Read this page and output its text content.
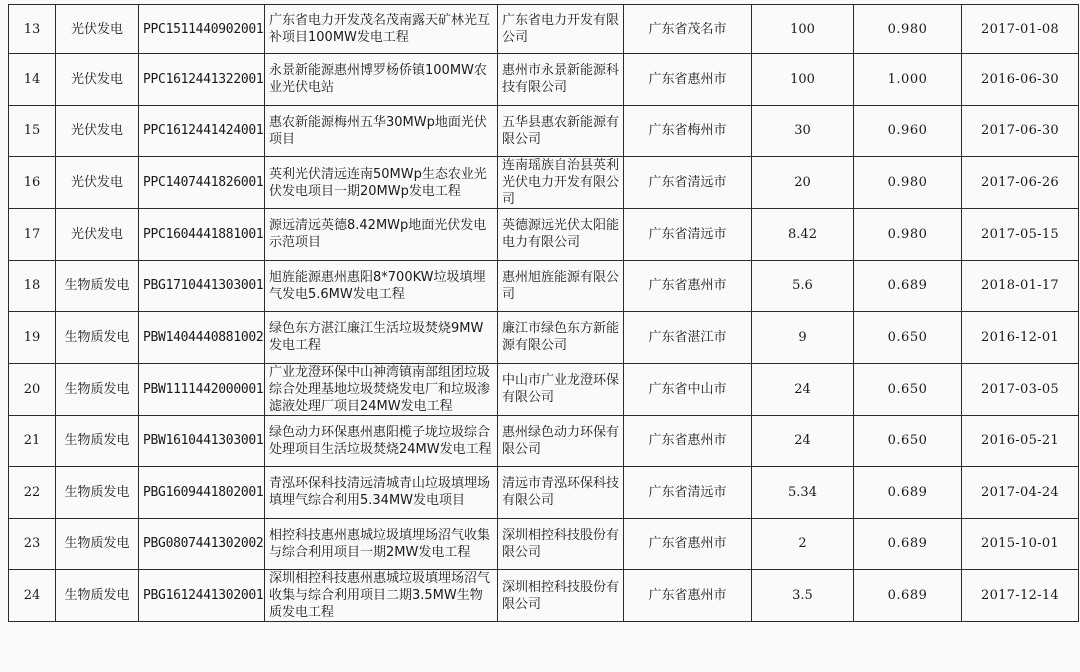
13	光伏发电	PPC1511440902001	广东省电力开发茂名茂南露天矿林光互补项目100MW发电工程	广东省电力开发有限公司	广东省茂名市	100	0.980	2017-01-08
14	光伏发电	PPC1612441322001	永景新能源惠州博罗杨侨镇100MW农业光伏电站	惠州市永景新能源科技有限公司	广东省惠州市	100	1.000	2016-06-30
15	光伏发电	PPC1612441424001	惠农新能源梅州五华30MWp地面光伏项目	五华县惠农新能源有限公司	广东省梅州市	30	0.960	2017-06-30
16	光伏发电	PPC1407441826001	英利光伏清远连南50MWp生态农业光伏发电项目一期20MWp发电工程	连南瑶族自治县英利光伏电力开发有限公司	广东省清远市	20	0.980	2017-06-26
17	光伏发电	PPC1604441881001	源远清远英德8.42MWp地面光伏发电示范项目	英德源远光伏太阳能电力有限公司	广东省清远市	8.42	0.980	2017-05-15
18	生物质发电	PBG1710441303001	旭旌能源惠州惠阳8*700KW垃圾填埋气发电5.6MW发电工程	惠州旭旌能源有限公司	广东省惠州市	5.6	0.689	2018-01-17
19	生物质发电	PBW1404440881002	绿色东方湛江廉江生活垃圾焚烧9MW发电工程	廉江市绿色东方新能源有限公司	广东省湛江市	9	0.650	2016-12-01
20	生物质发电	PBW1111442000001	广业龙澄环保中山神湾镇南部组团垃圾综合处理基地垃圾焚烧发电厂和垃圾渗滤液处理厂项目24MW发电工程	中山市广业龙澄环保有限公司	广东省中山市	24	0.650	2017-03-05
21	生物质发电	PBW1610441303001	绿色动力环保惠州惠阳榄子垅垃圾综合处理项目生活垃圾焚烧24MW发电工程	惠州绿色动力环保有限公司	广东省惠州市	24	0.650	2016-05-21
22	生物质发电	PBG1609441802001	青泓环保科技清远清城青山垃圾填埋场填埋气综合利用5.34MW发电项目	清远市青泓环保科技有限公司	广东省清远市	5.34	0.689	2017-04-24
23	生物质发电	PBG0807441302002	相控科技惠州惠城垃圾填埋场沼气收集与综合利用项目一期2MW发电工程	深圳相控科技股份有限公司	广东省惠州市	2	0.689	2015-10-01
24	生物质发电	PBG1612441302001	深圳相控科技惠州惠城垃圾填埋场沼气收集与综合利用项目二期3.5MW生物质发电工程	深圳相控科技股份有限公司	广东省惠州市	3.5	0.689	2017-12-14
